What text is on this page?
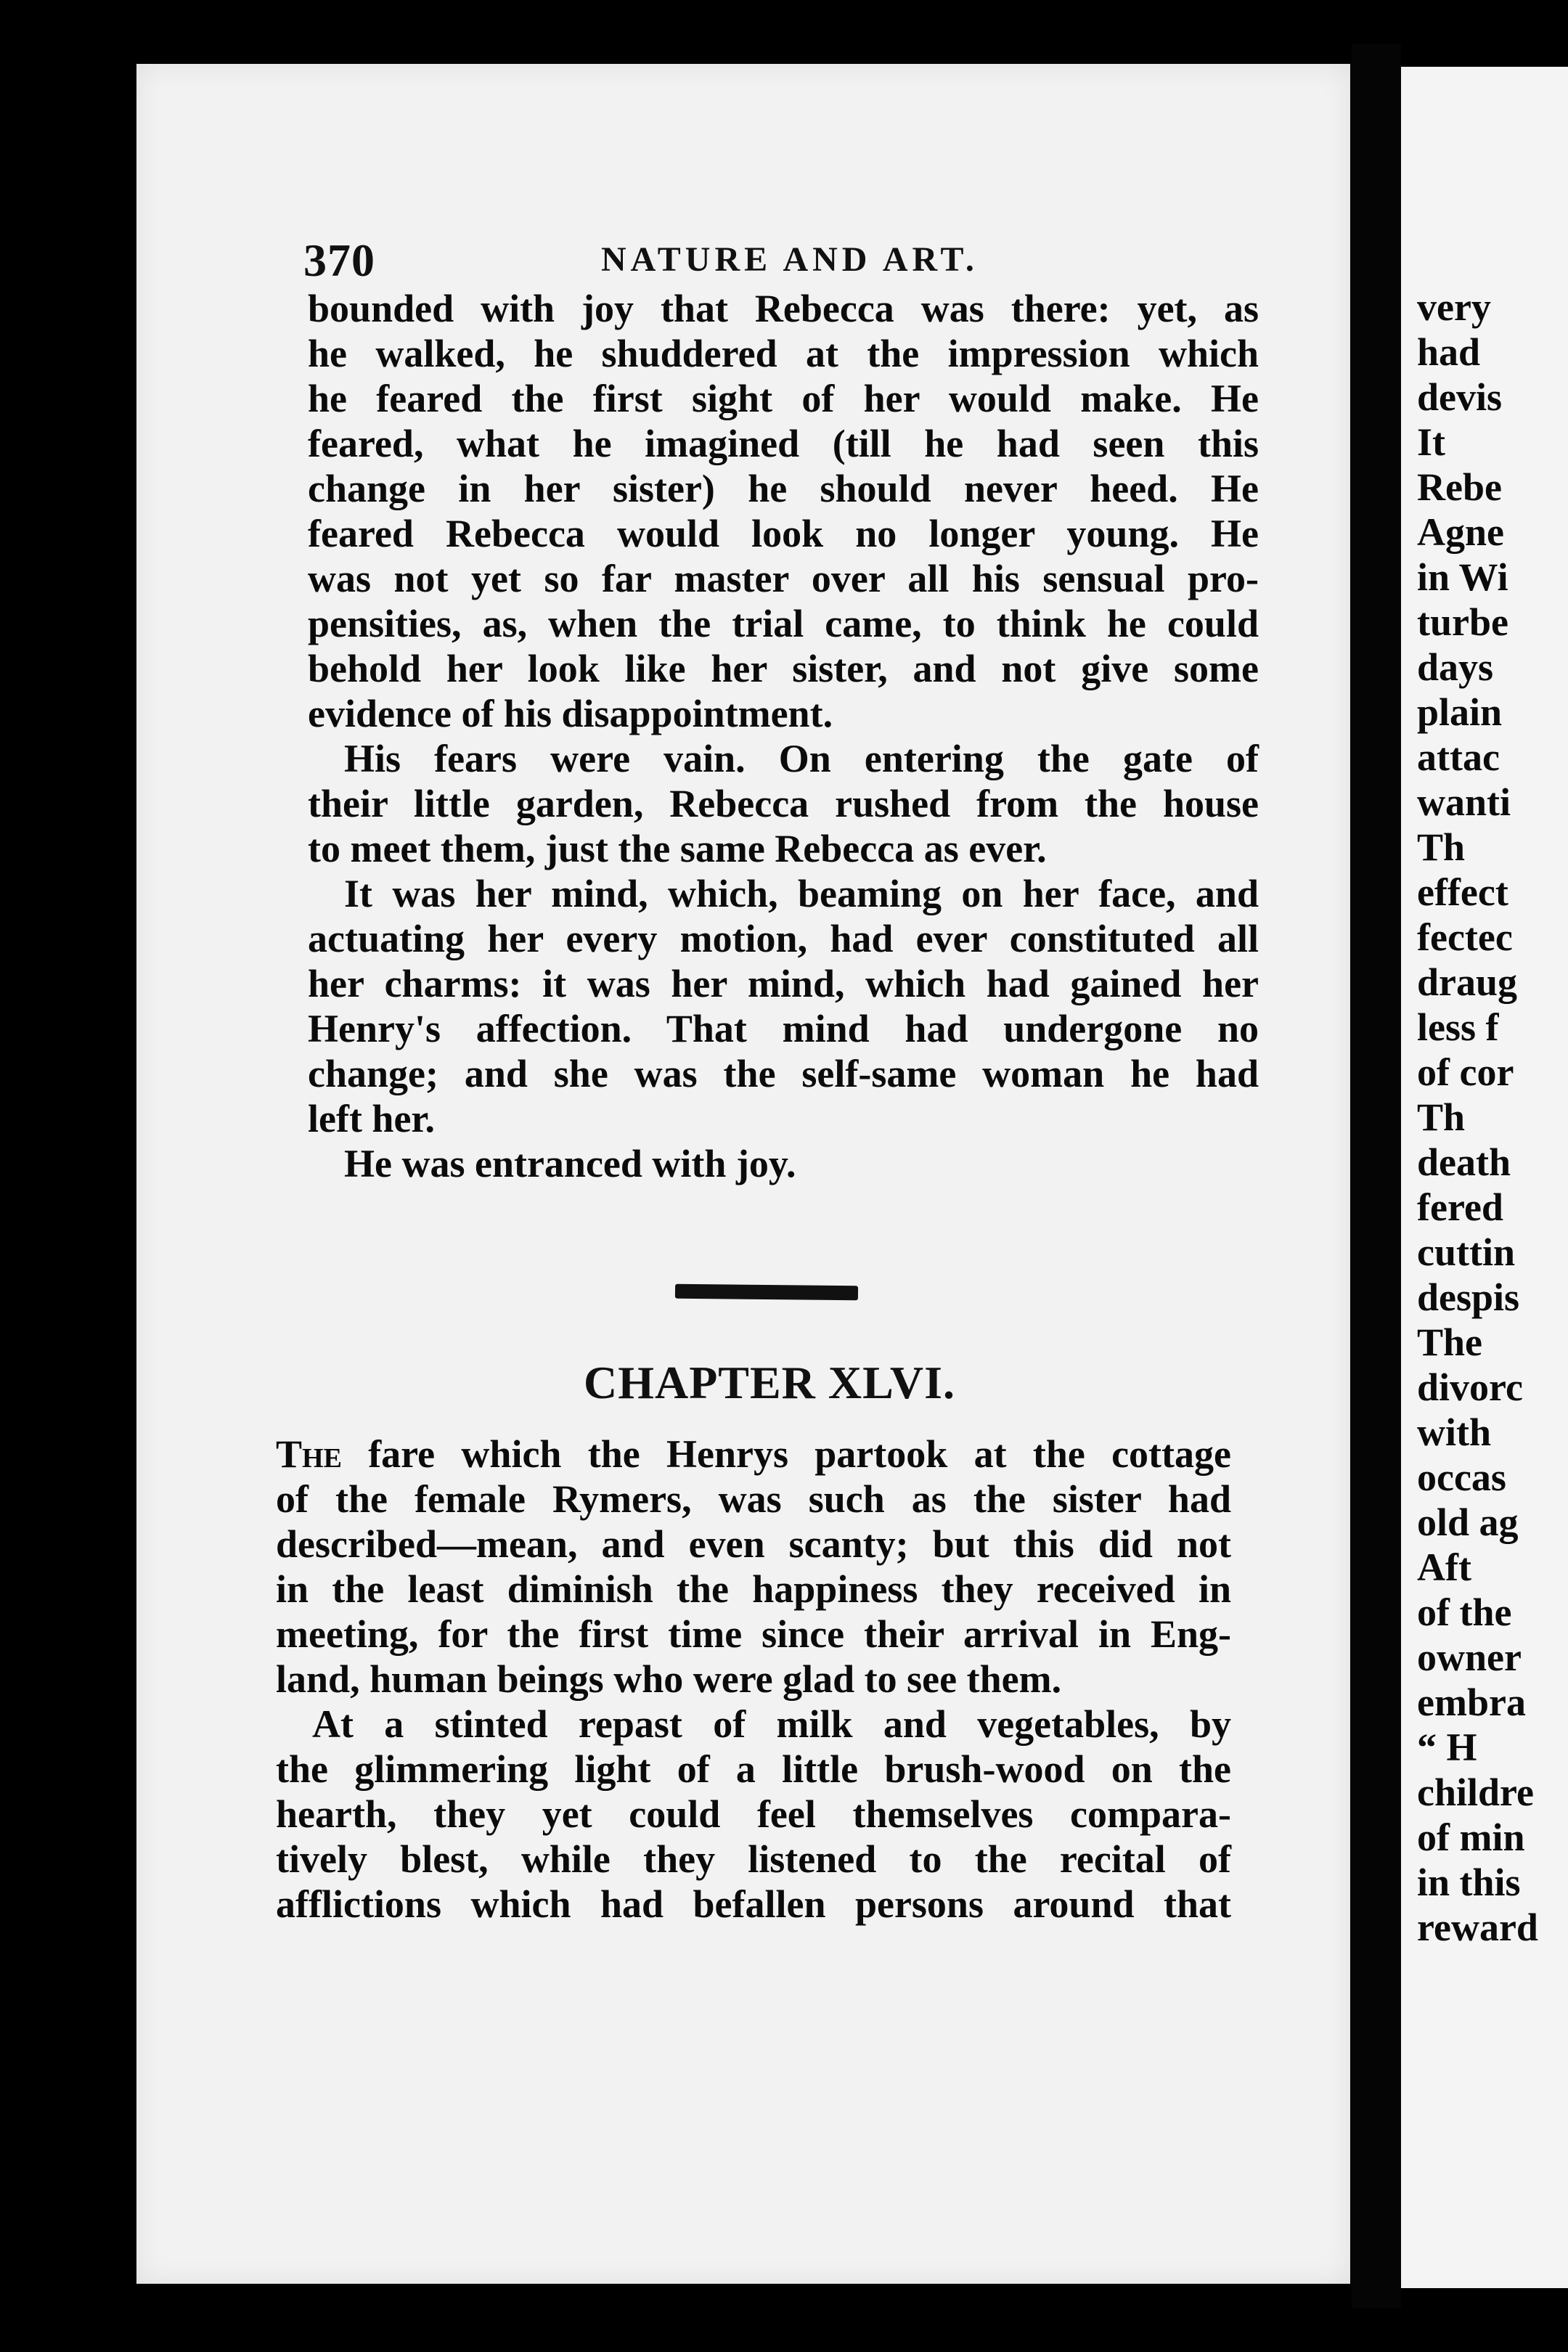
very
had
devis
It
Rebe
Agne
in Wi
turbe
days
plain
attac
wanti
Th
effect
fectec
draug
less f
of cor
Th
death
fered
cuttin
despis
The
divorc
with
occas
old ag
Aft
of the
owner
embra
“ H
childre
of min
in this
reward
370	NATURE AND ART.
bounded with joy that Rebecca was there: yet, as
he walked, he shuddered at the impression which
he feared the first sight of her would make. He
feared, what he imagined (till he had seen this
change in her sister) he should never heed. He
feared Rebecca would look no longer young. He
was not yet so far master over all his sensual pro-
pensities, as, when the trial came, to think he could
behold her look like her sister, and not give some
evidence of his disappointment.
His fears were vain. On entering the gate of
their little garden, Rebecca rushed from the house
to meet them, just the same Rebecca as ever.
It was her mind, which, beaming on her face, and
actuating her every motion, had ever constituted all
her charms: it was her mind, which had gained her
Henry's affection. That mind had undergone no
change; and she was the self-same woman he had
left her.
He was entranced with joy.
CHAPTER XLVI.
The fare which the Henrys partook at the cottage
of the female Rymers, was such as the sister had
described—mean, and even scanty; but this did not
in the least diminish the happiness they received in
meeting, for the first time since their arrival in Eng-
land, human beings who were glad to see them.
At a stinted repast of milk and vegetables, by
the glimmering light of a little brush-wood on the
hearth, they yet could feel themselves compara-
tively blest, while they listened to the recital of
afflictions which had befallen persons around that
